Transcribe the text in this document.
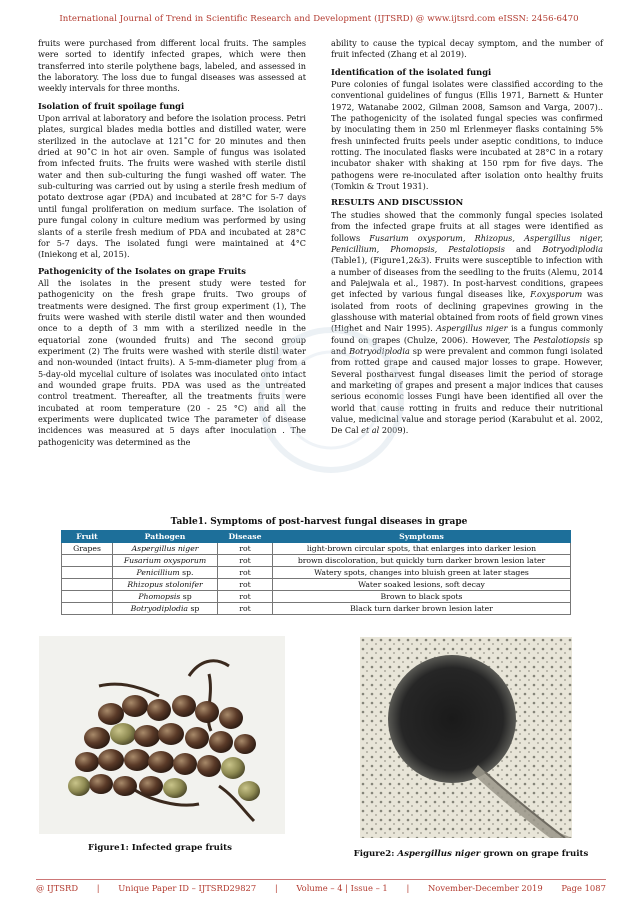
International Journal of Trend in Scientific Research and Development (IJTSRD) @ www.ijtsrd.com eISSN: 2456-6470

fruits were purchased from different local fruits. The samples were sorted to identify infected grapes, which were then transferred into sterile polythene bags, labeled, and assessed in the laboratory. The loss due to fungal diseases was assessed at weekly intervals for three months.

Isolation of fruit spoilage fungi

Upon arrival at laboratory and before the isolation process. Petri plates, surgical blades media bottles and distilled water, were sterilized in the autoclave at 121˚C for 20 minutes and then dried at 90˚C in hot air oven. Sample of fungus was isolated from infected fruits. The fruits were washed with sterile distil water and then sub-culturing the fungi washed off water. The sub-culturing was carried out by using a sterile fresh medium of potato dextrose agar (PDA) and incubated at 28°C for 5-7 days until fungal proliferation on medium surface. The isolation of pure fungal colony in culture medium was performed by using slants of a sterile fresh medium of PDA and incubated at 28°C for 5-7 days. The isolated fungi were maintained at 4°C (Iniekong et al, 2015).

Pathogenicity of the Isolates on grape Fruits

All the isolates in the present study were tested for pathogenicity on the fresh grape fruits. Two groups of treatments were designed. The first group experiment (1), The fruits were washed with sterile distil water and then wounded once to a depth of 3 mm with a sterilized needle in the equatorial zone (wounded fruits) and The second group experiment (2) The fruits were washed with sterile distil water and non-wounded (intact fruits). A 5-mm-diameter plug from a 5-day-old mycelial culture of isolates was inoculated onto intact and wounded grape fruits. PDA was used as the untreated control treatment. Thereafter, all the treatments fruits were incubated at room temperature (20 - 25 °C) and all the experiments were duplicated twice The parameter of disease incidences was measured at 5 days after inoculation . The pathogenicity was determined as the

ability to cause the typical decay symptom, and the number of fruit infected (Zhang et al 2019).

Identification of the isolated fungi

Pure colonies of fungal isolates were classified according to the conventional guidelines of fungus (Ellis 1971, Barnett & Hunter 1972, Watanabe 2002, Gilman 2008, Samson and Varga, 2007).. The pathogenicity of the isolated fungal species was confirmed by inoculating them in 250 ml Erlenmeyer flasks containing 5% fresh uninfected fruits peels under aseptic conditions, to induce rotting. The inoculated flasks were incubated at 28°C in a rotary incubator shaker with shaking at 150 rpm for five days. The pathogens were re-inoculated after isolation onto healthy fruits (Tomkin & Trout 1931).

RESULTS AND DISCUSSION

The studies showed that the commonly fungal species isolated from the infected grape fruits at all stages were identified as follows Fusarium oxysporum, Rhizopus, Aspergillus niger, Penicillium, Phomopsis, Pestalotiopsis and Botryodiplodia (Table1), (Figure1,2&3). Fruits were susceptible to infection with a number of diseases from the seedling to the fruits (Alemu, 2014 and Palejwala et al., 1987). In post-harvest conditions, grapees get infected by various fungal diseases like, F.oxysporum was isolated from roots of declining grapevines growing in the glasshouse with material obtained from roots of field grown vines (Highet and Nair 1995). Aspergillus niger is a fungus commonly found on grapes (Chulze, 2006). However, The Pestalotiopsis sp and Botryodiplodia sp were prevalent and common fungi isolated from rotted grape and caused major losses to grape. However, Several postharvest fungal diseases limit the period of storage and marketing of grapes and present a major indices that causes serious economic losses Fungi have been identified all over the world that cause rotting in fruits and reduce their nutritional value, medicinal value and storage period (Karabulut et al. 2002, De Cal et al 2009).

Table1. Symptoms of post-harvest fungal diseases in grape
Fruit	Pathogen	Disease	Symptoms
Grapes	Aspergillus niger	rot	light-brown circular spots, that enlarges into darker lesion
	Fusarium oxysporum	rot	brown discoloration, but quickly turn darker brown lesion later
	Penicillium sp.	rot	Watery spots, changes into bluish green at later stages
	Rhizopus stolonifer	rot	Water soaked lesions, soft decay
	Phomopsis sp	rot	Brown to black spots
	Botryodiplodia sp	rot	Black turn darker brown lesion later
Figure1: Infected grape fruits
Figure2: Aspergillus niger grown on grape fruits
@ IJTSRD | Unique Paper ID – IJTSRD29827 | Volume – 4 | Issue – 1 | November-December 2019 Page 1087
